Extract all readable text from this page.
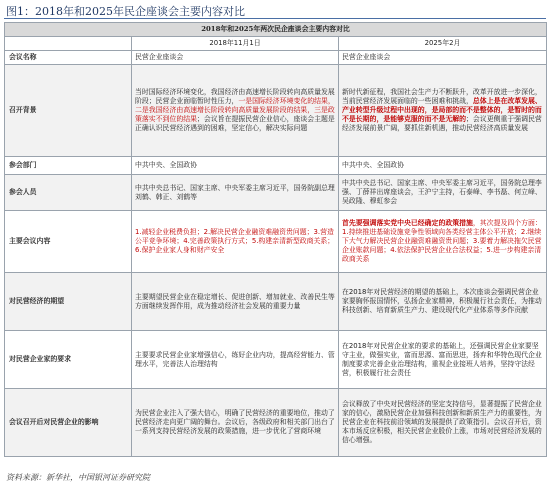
图1：2018年和2025年民企座谈会主要内容对比
2018年和2025年两次民企座谈会主要内容对比		
	2018年11月1日	2025年2月
会议名称	民营企业座谈会	民营企业座谈会
召开背景	当时国际经济环境变化，我国经济由高速增长阶段转向高质量发展阶段；民营企业面临暂时性压力，一是国际经济环境变化的结果，二是我国经济由高速增长阶段转向高质量发展阶段的结果，三是政策落实不到位的结果；会议旨在提振民营企业信心，座谈会主题是正确认识民营经济遇到的困难，坚定信心，解决实际问题	新时代新征程，我国社会生产力不断跃升，改革开放进一步深化，当前民营经济发展面临的一些困难和挑战，总体上是在改革发展、产业转型升级过程中出现的，是局部的而不是整体的，是暂时的而不是长期的，是能够克服的而不是无解的；会议更侧重于强调民营经济发展前景广阔，要抓住新机遇，推动民营经济高质量发展
参会部门	中共中央、全国政协	中共中央、全国政协
参会人员	中共中央总书记、国家主席、中央军委主席习近平，国务院副总理刘鹤、韩正、刘鹤等	中共中央总书记、国家主席、中央军委主席习近平，国务院总理李强、丁薛祥出席座谈会，王沪宁主持，石泰峰、李书磊、何立峰、吴政隆、穆虹参会
主要会议内容	1.减轻企业税费负担；2.解决民营企业融资难融资贵问题；3.营造公平竞争环境；4.完善政策执行方式；5.构建亲清新型政商关系；6.保护企业家人身和财产安全	首先要强调落实党中央已经确定的政策措施，其次提及四个方面：1.持续推进基础设施竞争性领域向各类经营主体公平开放；2.继续下大气力解决民营企业融资难融资贵问题；3.要着力解决拖欠民营企业账款问题；4.依法保护民营企业合法权益；5.进一步构建亲清政商关系
对民营经济的期望	主要期望民营企业在稳定增长、促进创新、增加就业、改善民生等方面继续发挥作用，成为推动经济社会发展的重要力量	在2018年对民营经济的期望的基础上，本次座谈会强调民营企业家要胸怀报国情怀，弘扬企业家精神，积极履行社会责任，为推动科技创新、培育新质生产力、建设现代化产业体系等多作贡献
对民营企业家的要求	主要要求民营企业家增强信心，练好企业内功，提高经营能力、管理水平，完善法人治理结构	在2018年对民营企业家的要求的基础上，还强调民营企业家要坚守主业，做强实业，富而思源、富而思进，扬弃和华特色现代企业制度要求完善企业治理结构，重视企业接班人培养，坚持守法经营，积极履行社会责任
会议召开后对民营企业的影响	为民营企业注入了强大信心，明确了民营经济的重要地位，推动了民营经济走向更广阔的舞台。会议后，各级政府和相关部门出台了一系列支持民营经济发展的政策措施，进一步优化了营商环境	会议释放了中央对民营经济的坚定支持信号，显著提振了民营企业家的信心，激励民营企业加强科技创新和新质生产力的重要性，为民营企业在科技前沿领域的发展提供了政策指引。会议召开后，资本市场反应积极，相关民营企业股价上涨，市场对民营经济发展的信心增强。
资料来源：新华社，中国银河证券研究院
